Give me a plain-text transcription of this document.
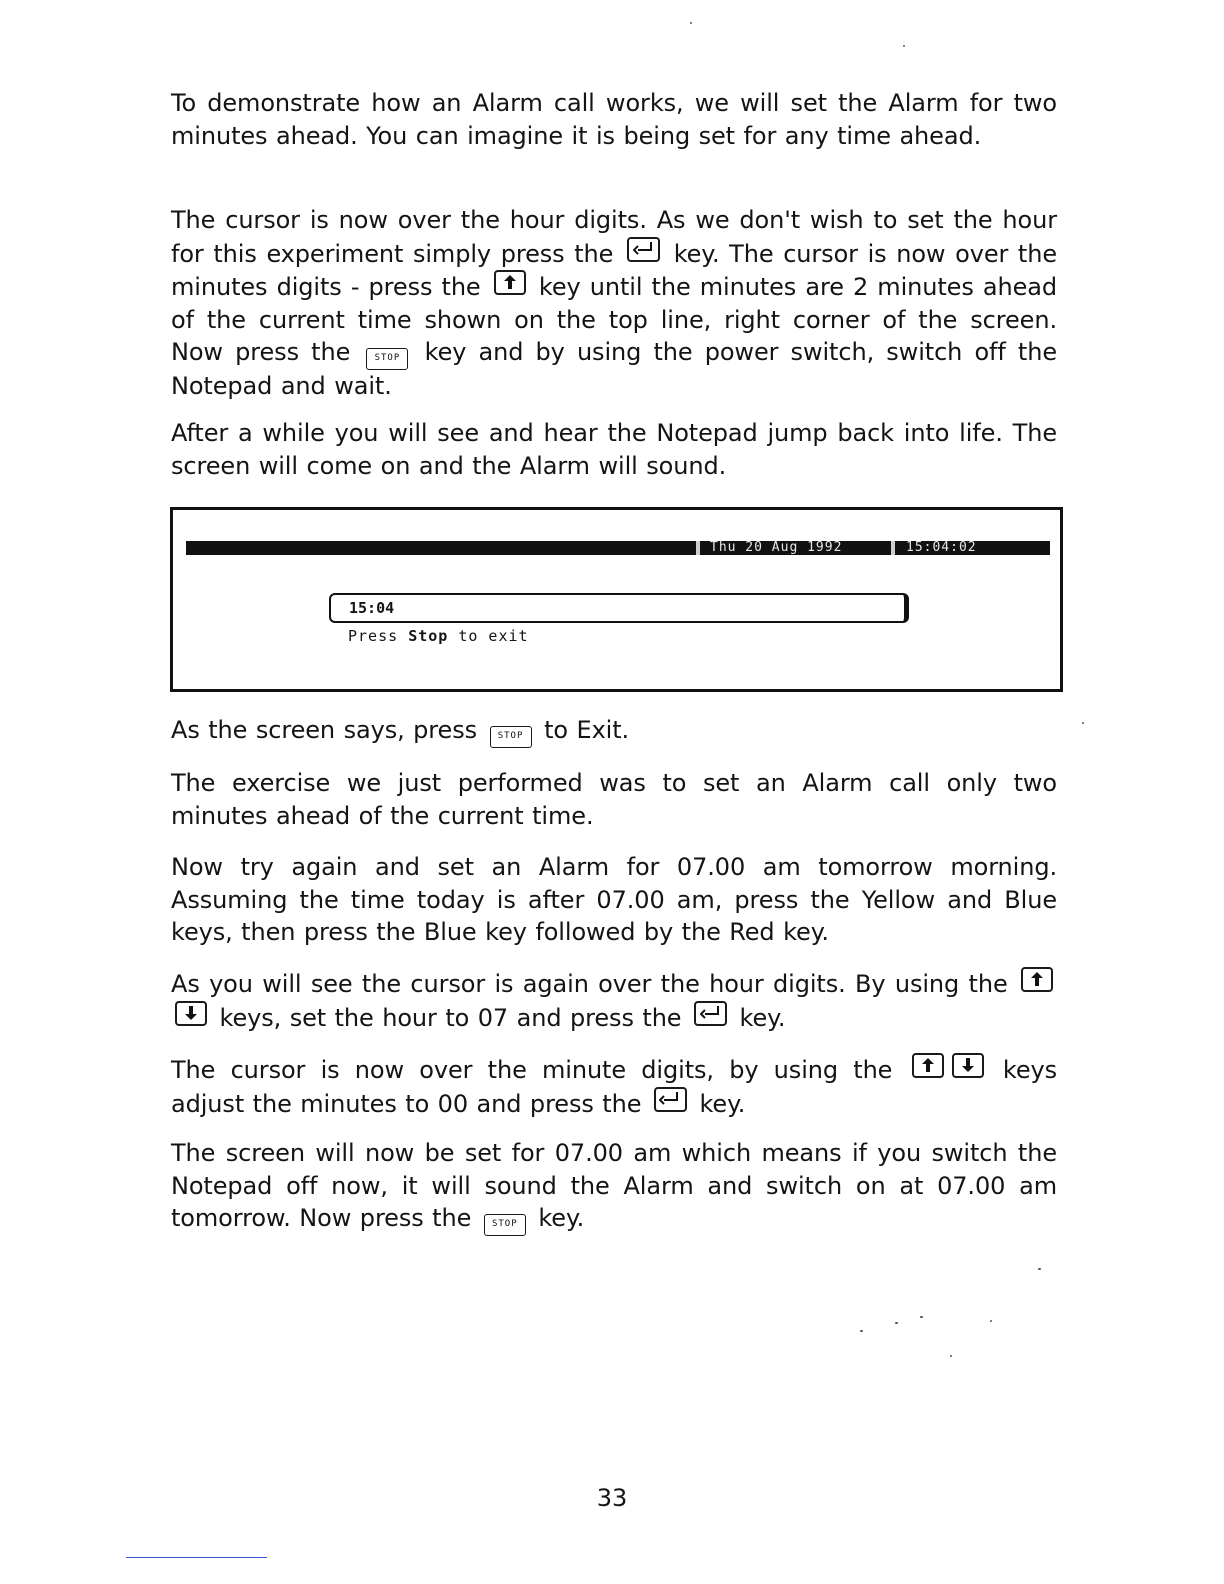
To demonstrate how an Alarm call works, we will set the Alarm for two minutes ahead. You can imagine it is being set for any time ahead.

The cursor is now over the hour digits. As we don't wish to set the hour for this experiment simply press the	key. The cursor is now over the minutes digits - press the key until the minutes are 2 minutes ahead of the current time shown on the top line, right corner of the screen. Now press the	STOP key and by using the power switch, switch off the Notepad and wait.

After a while you will see and hear the Notepad jump back into life. The screen will come on and the Alarm will sound.

Thu 20 Aug 1992	15:04:02
15:04
Press Stop to exit

As the screen says, press STOP to Exit.

The exercise we just performed was to set an Alarm call only two minutes ahead of the current time.

Now try again and set an Alarm for 07.00 am tomorrow morning. Assuming the time today is after 07.00 am, press the Yellow and Blue keys, then press the Blue key followed by the Red key.

As you will see the cursor is again over the hour digits. By using the
keys, set the hour to 07 and press the key.

The cursor is now over the minute digits, by using the	keys adjust the minutes to 00 and press the key.

The screen will now be set for 07.00 am which means if you switch the Notepad off now, it will sound the Alarm and switch on at 07.00 am tomorrow. Now press the STOP key.

33
